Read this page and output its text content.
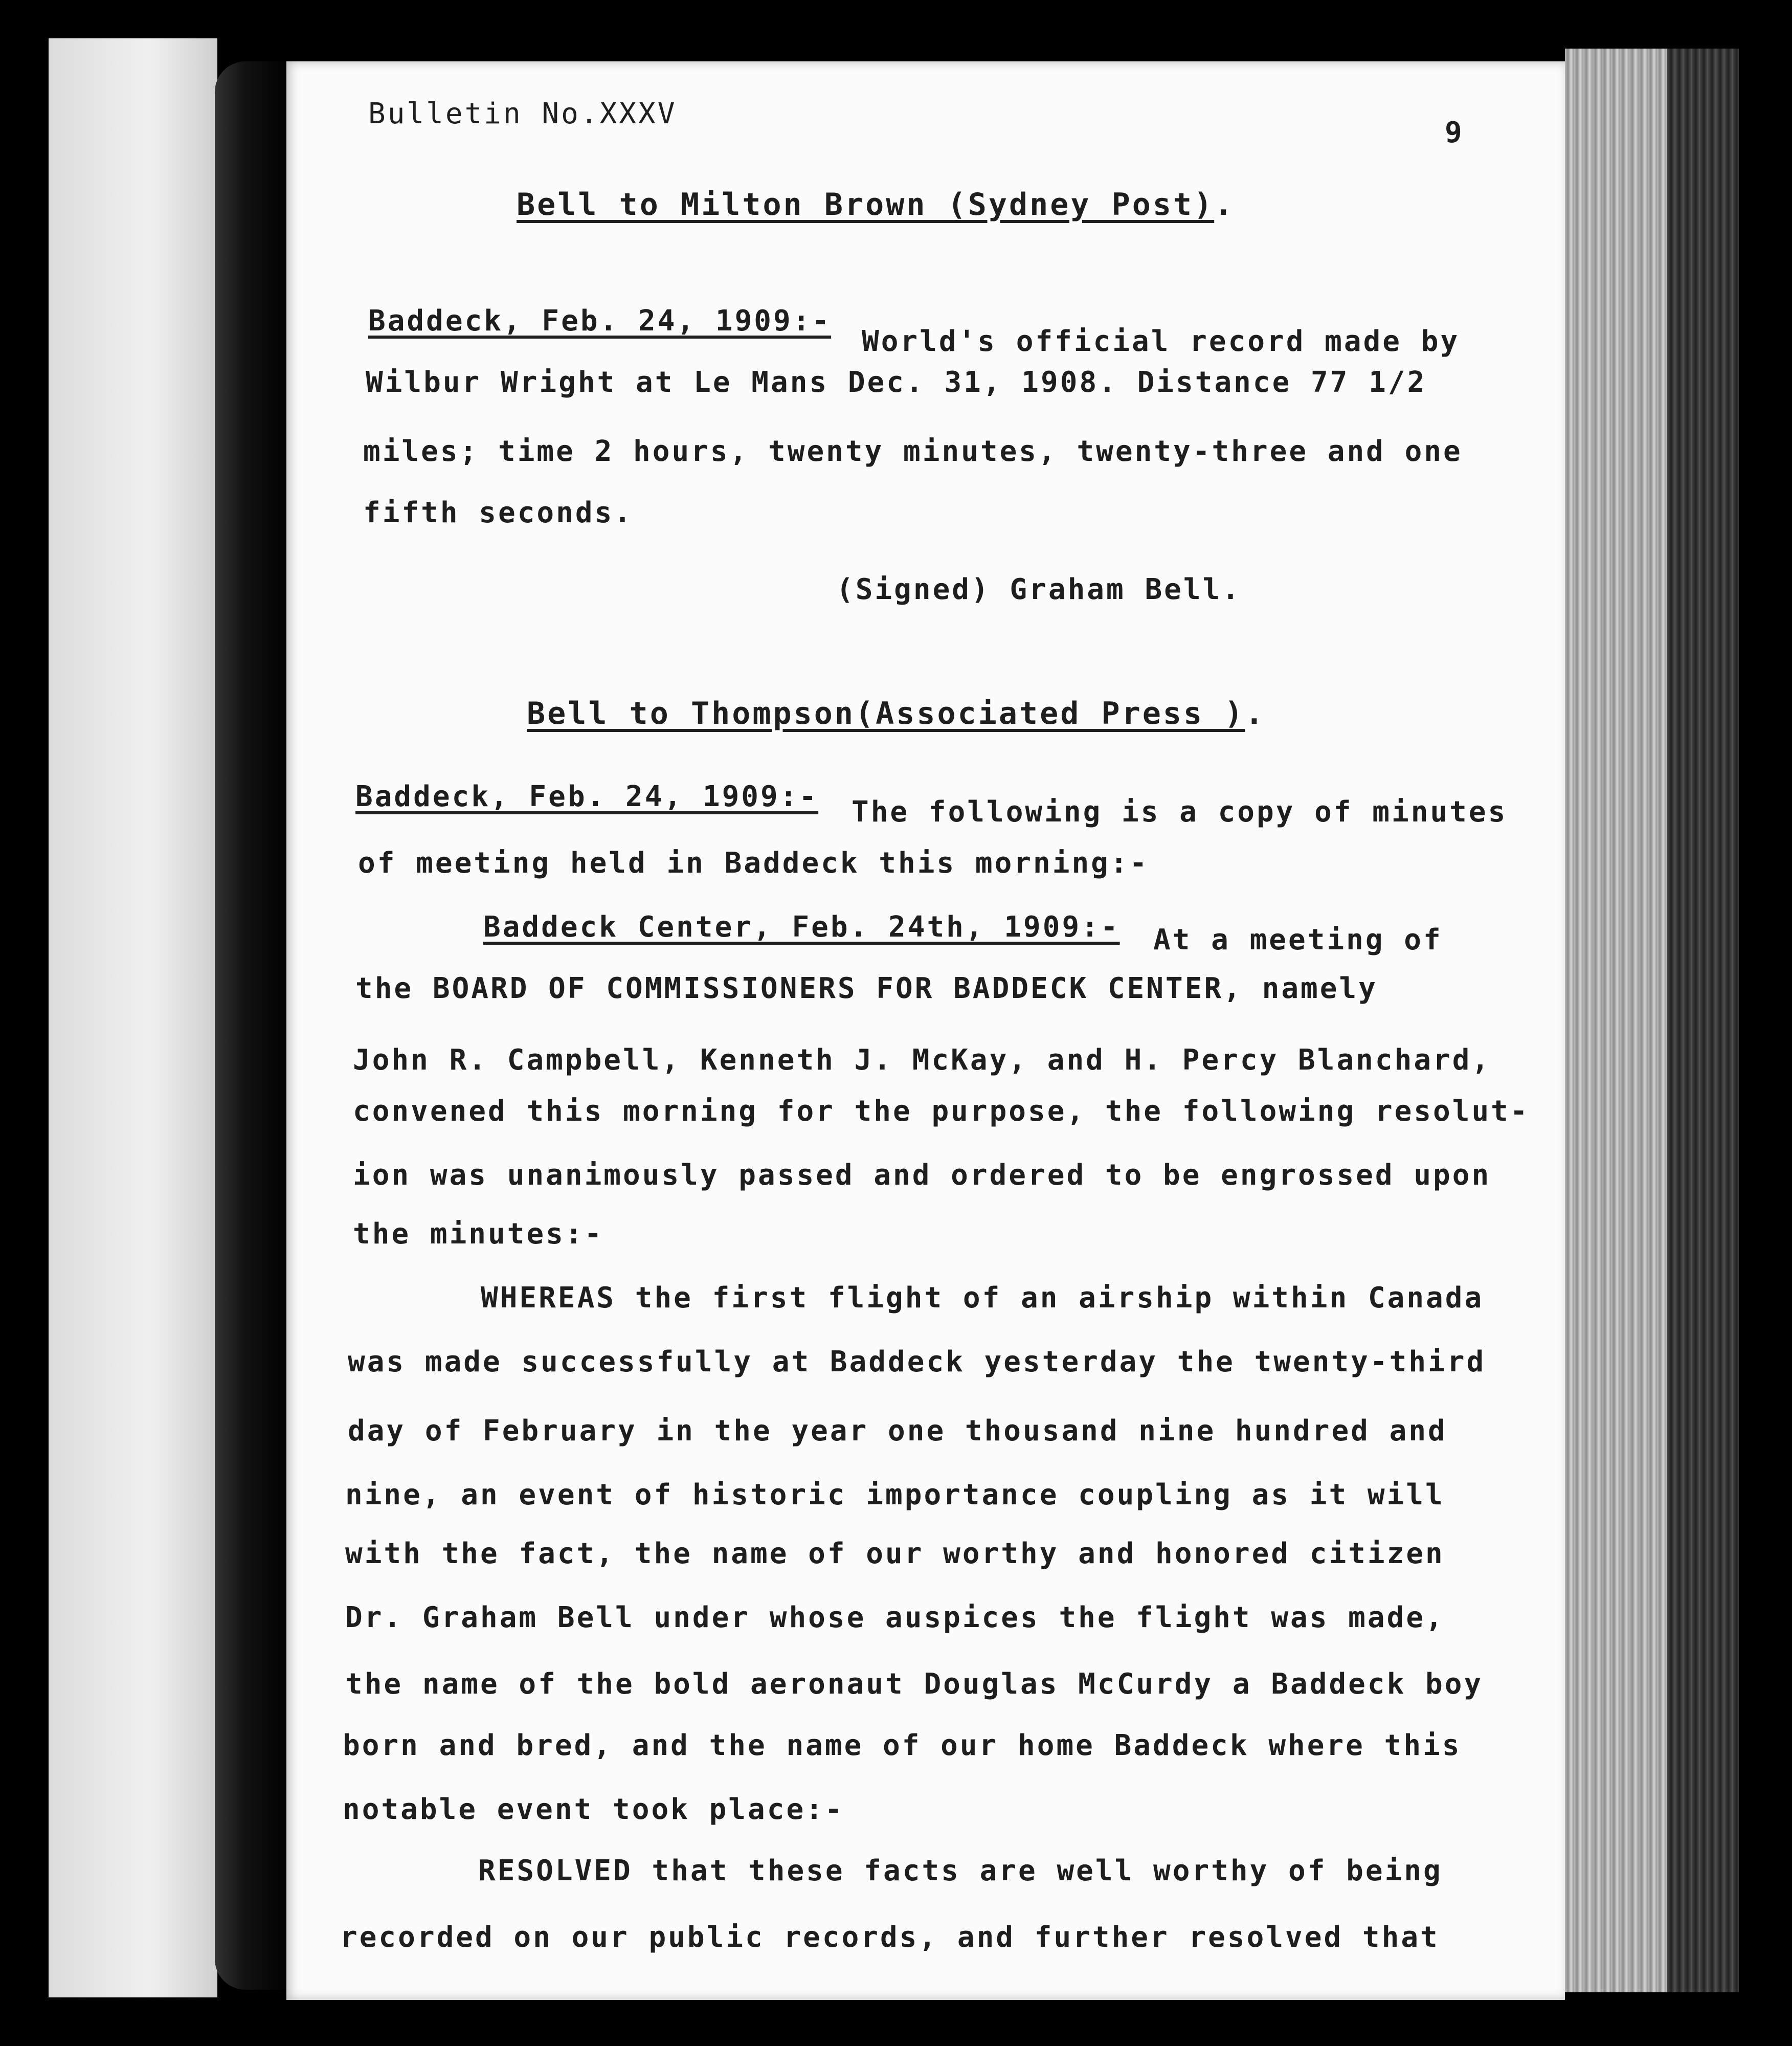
Bulletin No.XXXV
9
Bell to Milton Brown (Sydney Post).
Baddeck, Feb. 24, 1909:-
World's official record made by
Wilbur Wright at Le Mans Dec. 31, 1908. Distance 77 1/2
miles; time 2 hours, twenty minutes, twenty-three and one
fifth seconds.
(Signed) Graham Bell.
Bell to Thompson(Associated Press ).
Baddeck, Feb. 24, 1909:- The following is a copy of minutes
of meeting held in Baddeck this morning:-
Baddeck Center, Feb. 24th, 1909:- At a meeting of
the BOARD OF COMMISSIONERS FOR BADDECK CENTER, namely
John R. Campbell, Kenneth J. McKay, and H. Percy Blanchard,
convened this morning for the purpose, the following resolut-
ion was unanimously passed and ordered to be engrossed upon
the minutes:-
WHEREAS the first flight of an airship within Canada
was made successfully at Baddeck yesterday the twenty-third
day of February in the year one thousand nine hundred and
nine, an event of historic importance coupling as it will
with the fact, the name of our worthy and honored citizen
Dr. Graham Bell under whose auspices the flight was made,
the name of the bold aeronaut Douglas McCurdy a Baddeck boy
born and bred, and the name of our home Baddeck where this
notable event took place:-
RESOLVED that these facts are well worthy of being
recorded on our public records, and further resolved that
